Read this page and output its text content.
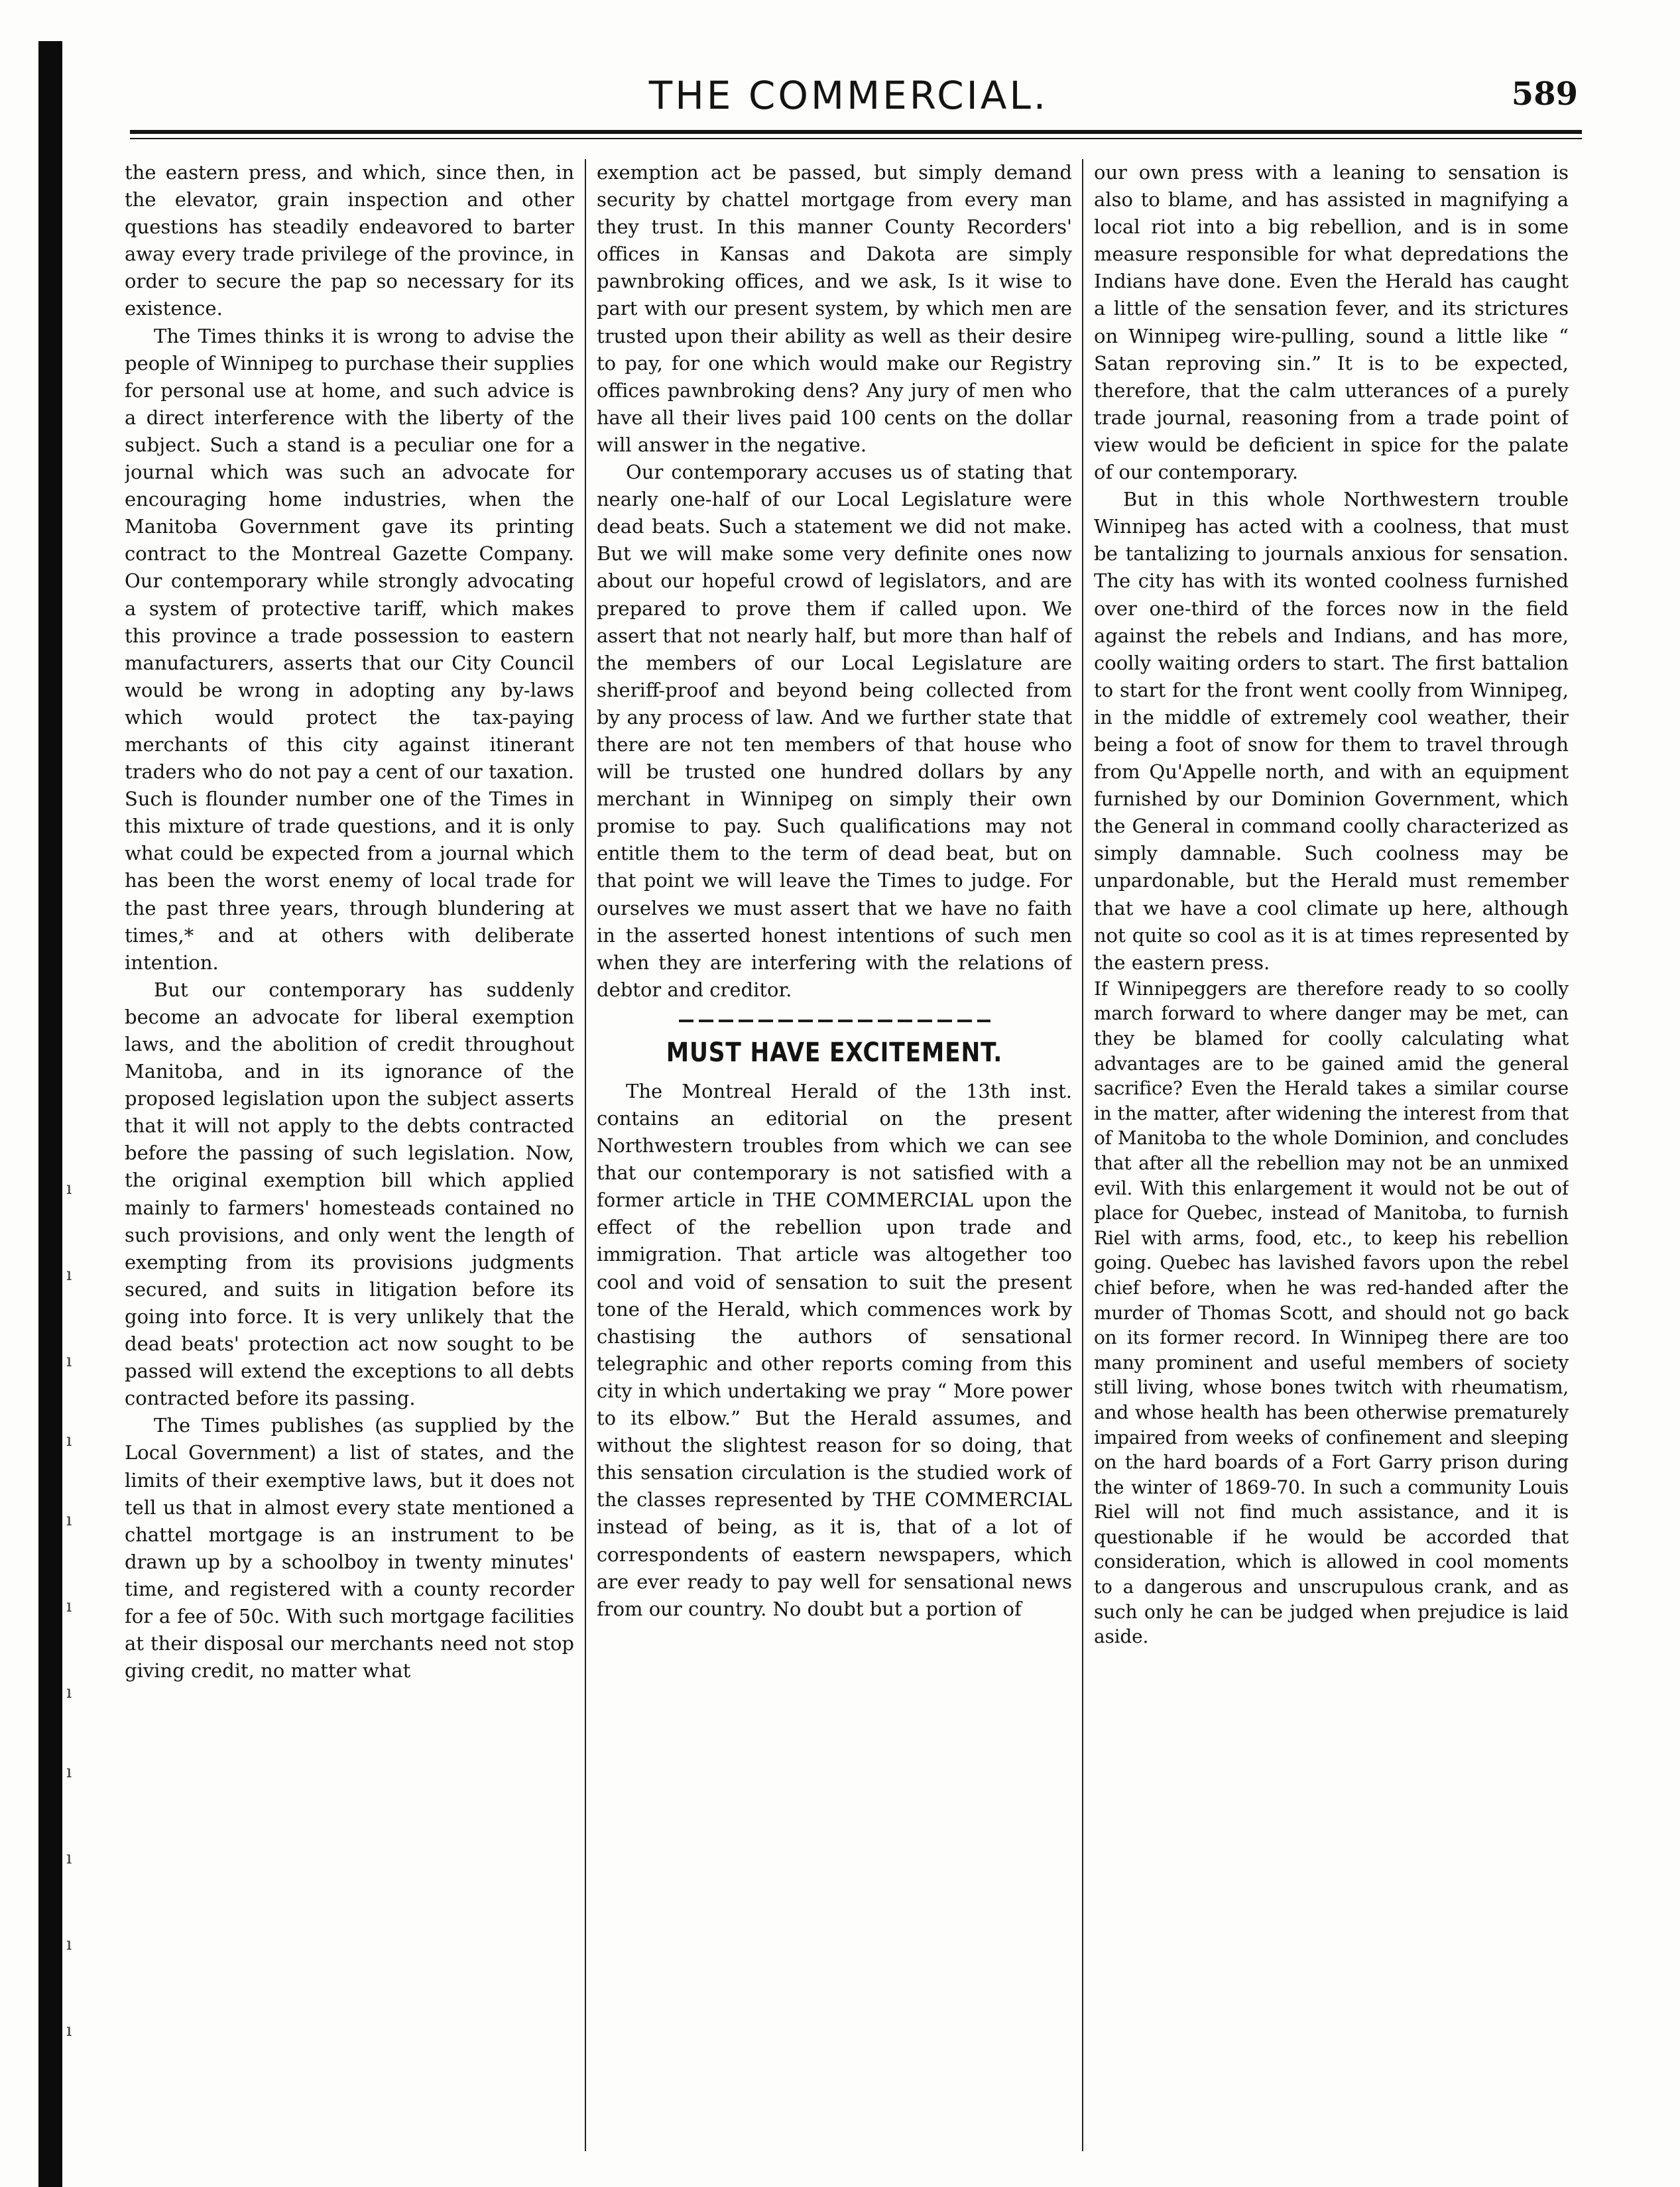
ı
ı
ı
ı
ı
ı
ı
ı
ı
ı
ı
THE COMMERCIAL.	589

the eastern press, and which, since then, in the elevator, grain inspection and other questions has steadily endeavored to barter away every trade privilege of the province, in order to secure the pap so necessary for its existence.

The Times thinks it is wrong to advise the people of Winnipeg to purchase their supplies for personal use at home, and such advice is a direct interference with the liberty of the subject. Such a stand is a peculiar one for a journal which was such an advocate for encouraging home industries, when the Manitoba Government gave its printing contract to the Montreal Gazette Company. Our contemporary while strongly advocating a system of protective tariff, which makes this province a trade possession to eastern manufacturers, asserts that our City Council would be wrong in adopting any by-laws which would protect the tax-paying merchants of this city against itinerant traders who do not pay a cent of our taxation. Such is flounder number one of the Times in this mixture of trade questions, and it is only what could be expected from a journal which has been the worst enemy of local trade for the past three years, through blundering at times,* and at others with deliberate intention.

But our contemporary has suddenly become an advocate for liberal exemption laws, and the abolition of credit throughout Manitoba, and in its ignorance of the proposed legislation upon the subject asserts that it will not apply to the debts contracted before the passing of such legislation. Now, the original exemption bill which applied mainly to farmers' homesteads contained no such provisions, and only went the length of exempting from its provisions judgments secured, and suits in litigation before its going into force. It is very unlikely that the dead beats' protection act now sought to be passed will extend the exceptions to all debts contracted before its passing.

The Times publishes (as supplied by the Local Government) a list of states, and the limits of their exemptive laws, but it does not tell us that in almost every state mentioned a chattel mortgage is an instrument to be drawn up by a schoolboy in twenty minutes' time, and registered with a county recorder for a fee of 50c. With such mortgage facilities at their disposal our merchants need not stop giving credit, no matter what

exemption act be passed, but simply demand security by chattel mortgage from every man they trust. In this manner County Recorders' offices in Kansas and Dakota are simply pawnbroking offices, and we ask, Is it wise to part with our present system, by which men are trusted upon their ability as well as their desire to pay, for one which would make our Registry offices pawnbroking dens? Any jury of men who have all their lives paid 100 cents on the dollar will answer in the negative.

Our contemporary accuses us of stating that nearly one-half of our Local Legislature were dead beats. Such a statement we did not make. But we will make some very definite ones now about our hopeful crowd of legislators, and are prepared to prove them if called upon. We assert that not nearly half, but more than half of the members of our Local Legislature are sheriff-proof and beyond being collected from by any process of law. And we further state that there are not ten members of that house who will be trusted one hundred dollars by any merchant in Winnipeg on simply their own promise to pay. Such qualifications may not entitle them to the term of dead beat, but on that point we will leave the Times to judge. For ourselves we must assert that we have no faith in the asserted honest intentions of such men when they are interfering with the relations of debtor and creditor.

MUST HAVE EXCITEMENT.

The Montreal Herald of the 13th inst. contains an editorial on the present Northwestern troubles from which we can see that our contemporary is not satisfied with a former article in THE COMMERCIAL upon the effect of the rebellion upon trade and immigration. That article was altogether too cool and void of sensation to suit the present tone of the Herald, which commences work by chastising the authors of sensational telegraphic and other reports coming from this city in which undertaking we pray “ More power to its elbow.” But the Herald assumes, and without the slightest reason for so doing, that this sensation circulation is the studied work of the classes represented by THE COMMERCIAL instead of being, as it is, that of a lot of correspondents of eastern newspapers, which are ever ready to pay well for sensational news from our country. No doubt but a portion of

our own press with a leaning to sensation is also to blame, and has assisted in magnifying a local riot into a big rebellion, and is in some measure responsible for what depredations the Indians have done. Even the Herald has caught a little of the sensation fever, and its strictures on Winnipeg wire-pulling, sound a little like “ Satan reproving sin.” It is to be expected, therefore, that the calm utterances of a purely trade journal, reasoning from a trade point of view would be deficient in spice for the palate of our contemporary.

But in this whole Northwestern trouble Winnipeg has acted with a coolness, that must be tantalizing to journals anxious for sensation. The city has with its wonted coolness furnished over one-third of the forces now in the field against the rebels and Indians, and has more, coolly waiting orders to start. The first battalion to start for the front went coolly from Winnipeg, in the middle of extremely cool weather, their being a foot of snow for them to travel through from Qu'Appelle north, and with an equipment furnished by our Dominion Government, which the General in command coolly characterized as simply damnable. Such coolness may be unpardonable, but the Herald must remember that we have a cool climate up here, although not quite so cool as it is at times represented by the eastern press.

If Winnipeggers are therefore ready to so coolly march forward to where danger may be met, can they be blamed for coolly calculating what advantages are to be gained amid the general sacrifice? Even the Herald takes a similar course in the matter, after widening the interest from that of Manitoba to the whole Dominion, and concludes that after all the rebellion may not be an unmixed evil. With this enlargement it would not be out of place for Quebec, instead of Manitoba, to furnish Riel with arms, food, etc., to keep his rebellion going. Quebec has lavished favors upon the rebel chief before, when he was red-handed after the murder of Thomas Scott, and should not go back on its former record. In Winnipeg there are too many prominent and useful members of society still living, whose bones twitch with rheumatism, and whose health has been otherwise prematurely impaired from weeks of confinement and sleeping on the hard boards of a Fort Garry prison during the winter of 1869-70. In such a community Louis Riel will not find much assistance, and it is questionable if he would be accorded that consideration, which is allowed in cool moments to a dangerous and unscrupulous crank, and as such only he can be judged when prejudice is laid aside.
